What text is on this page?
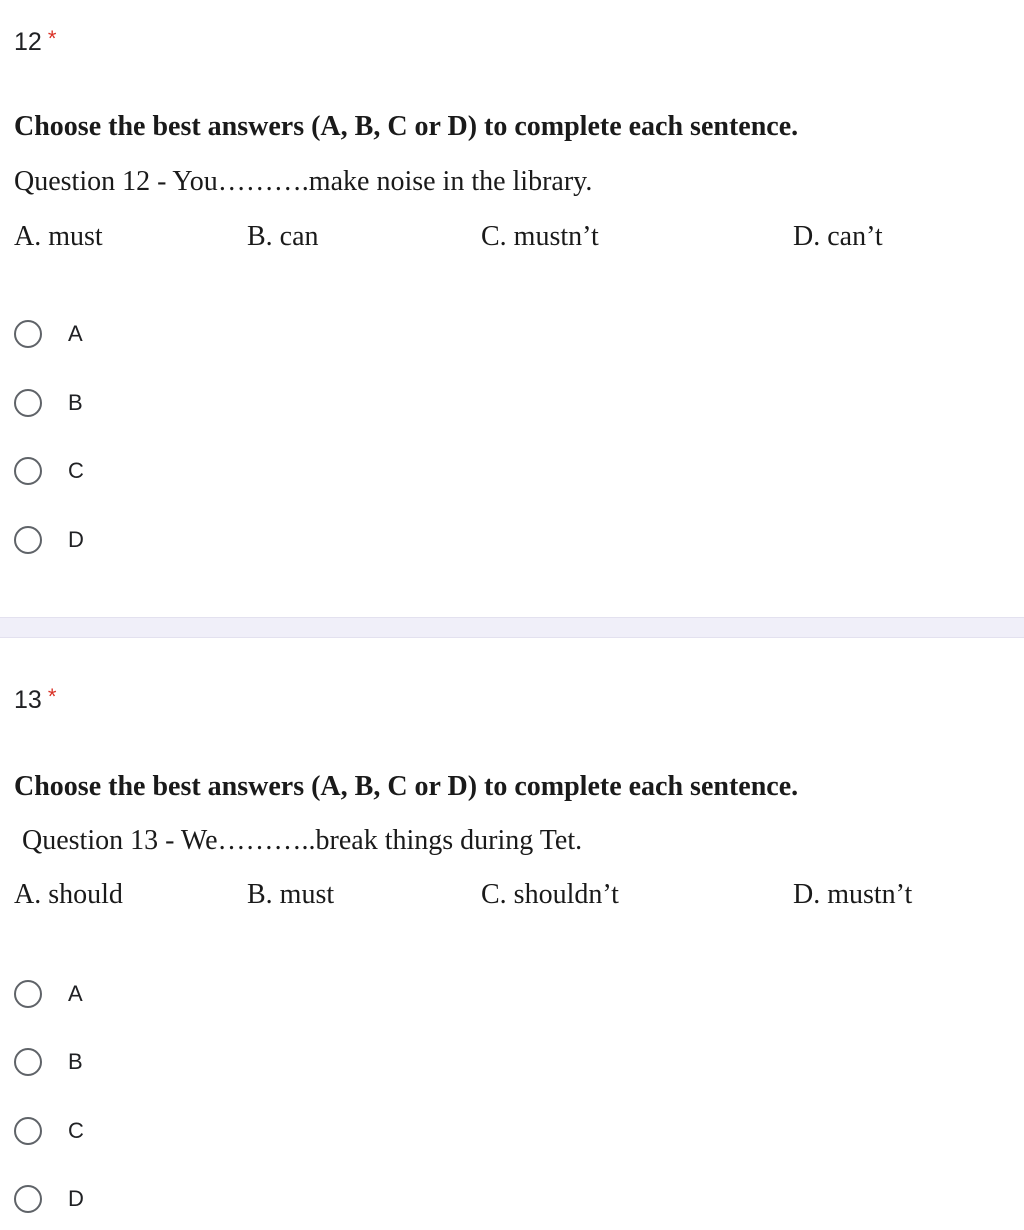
12 *
Choose the best answers (A, B, C or D) to complete each sentence.
Question 12 - You……….make noise in the library.
A. must	B. can	C. mustn’t	D. can’t
A
B
C
D
13 *
Choose the best answers (A, B, C or D) to complete each sentence.
Question 13 - We………..break things during Tet.
A. should	B. must	C. shouldn’t	D. mustn’t
A
B
C
D
